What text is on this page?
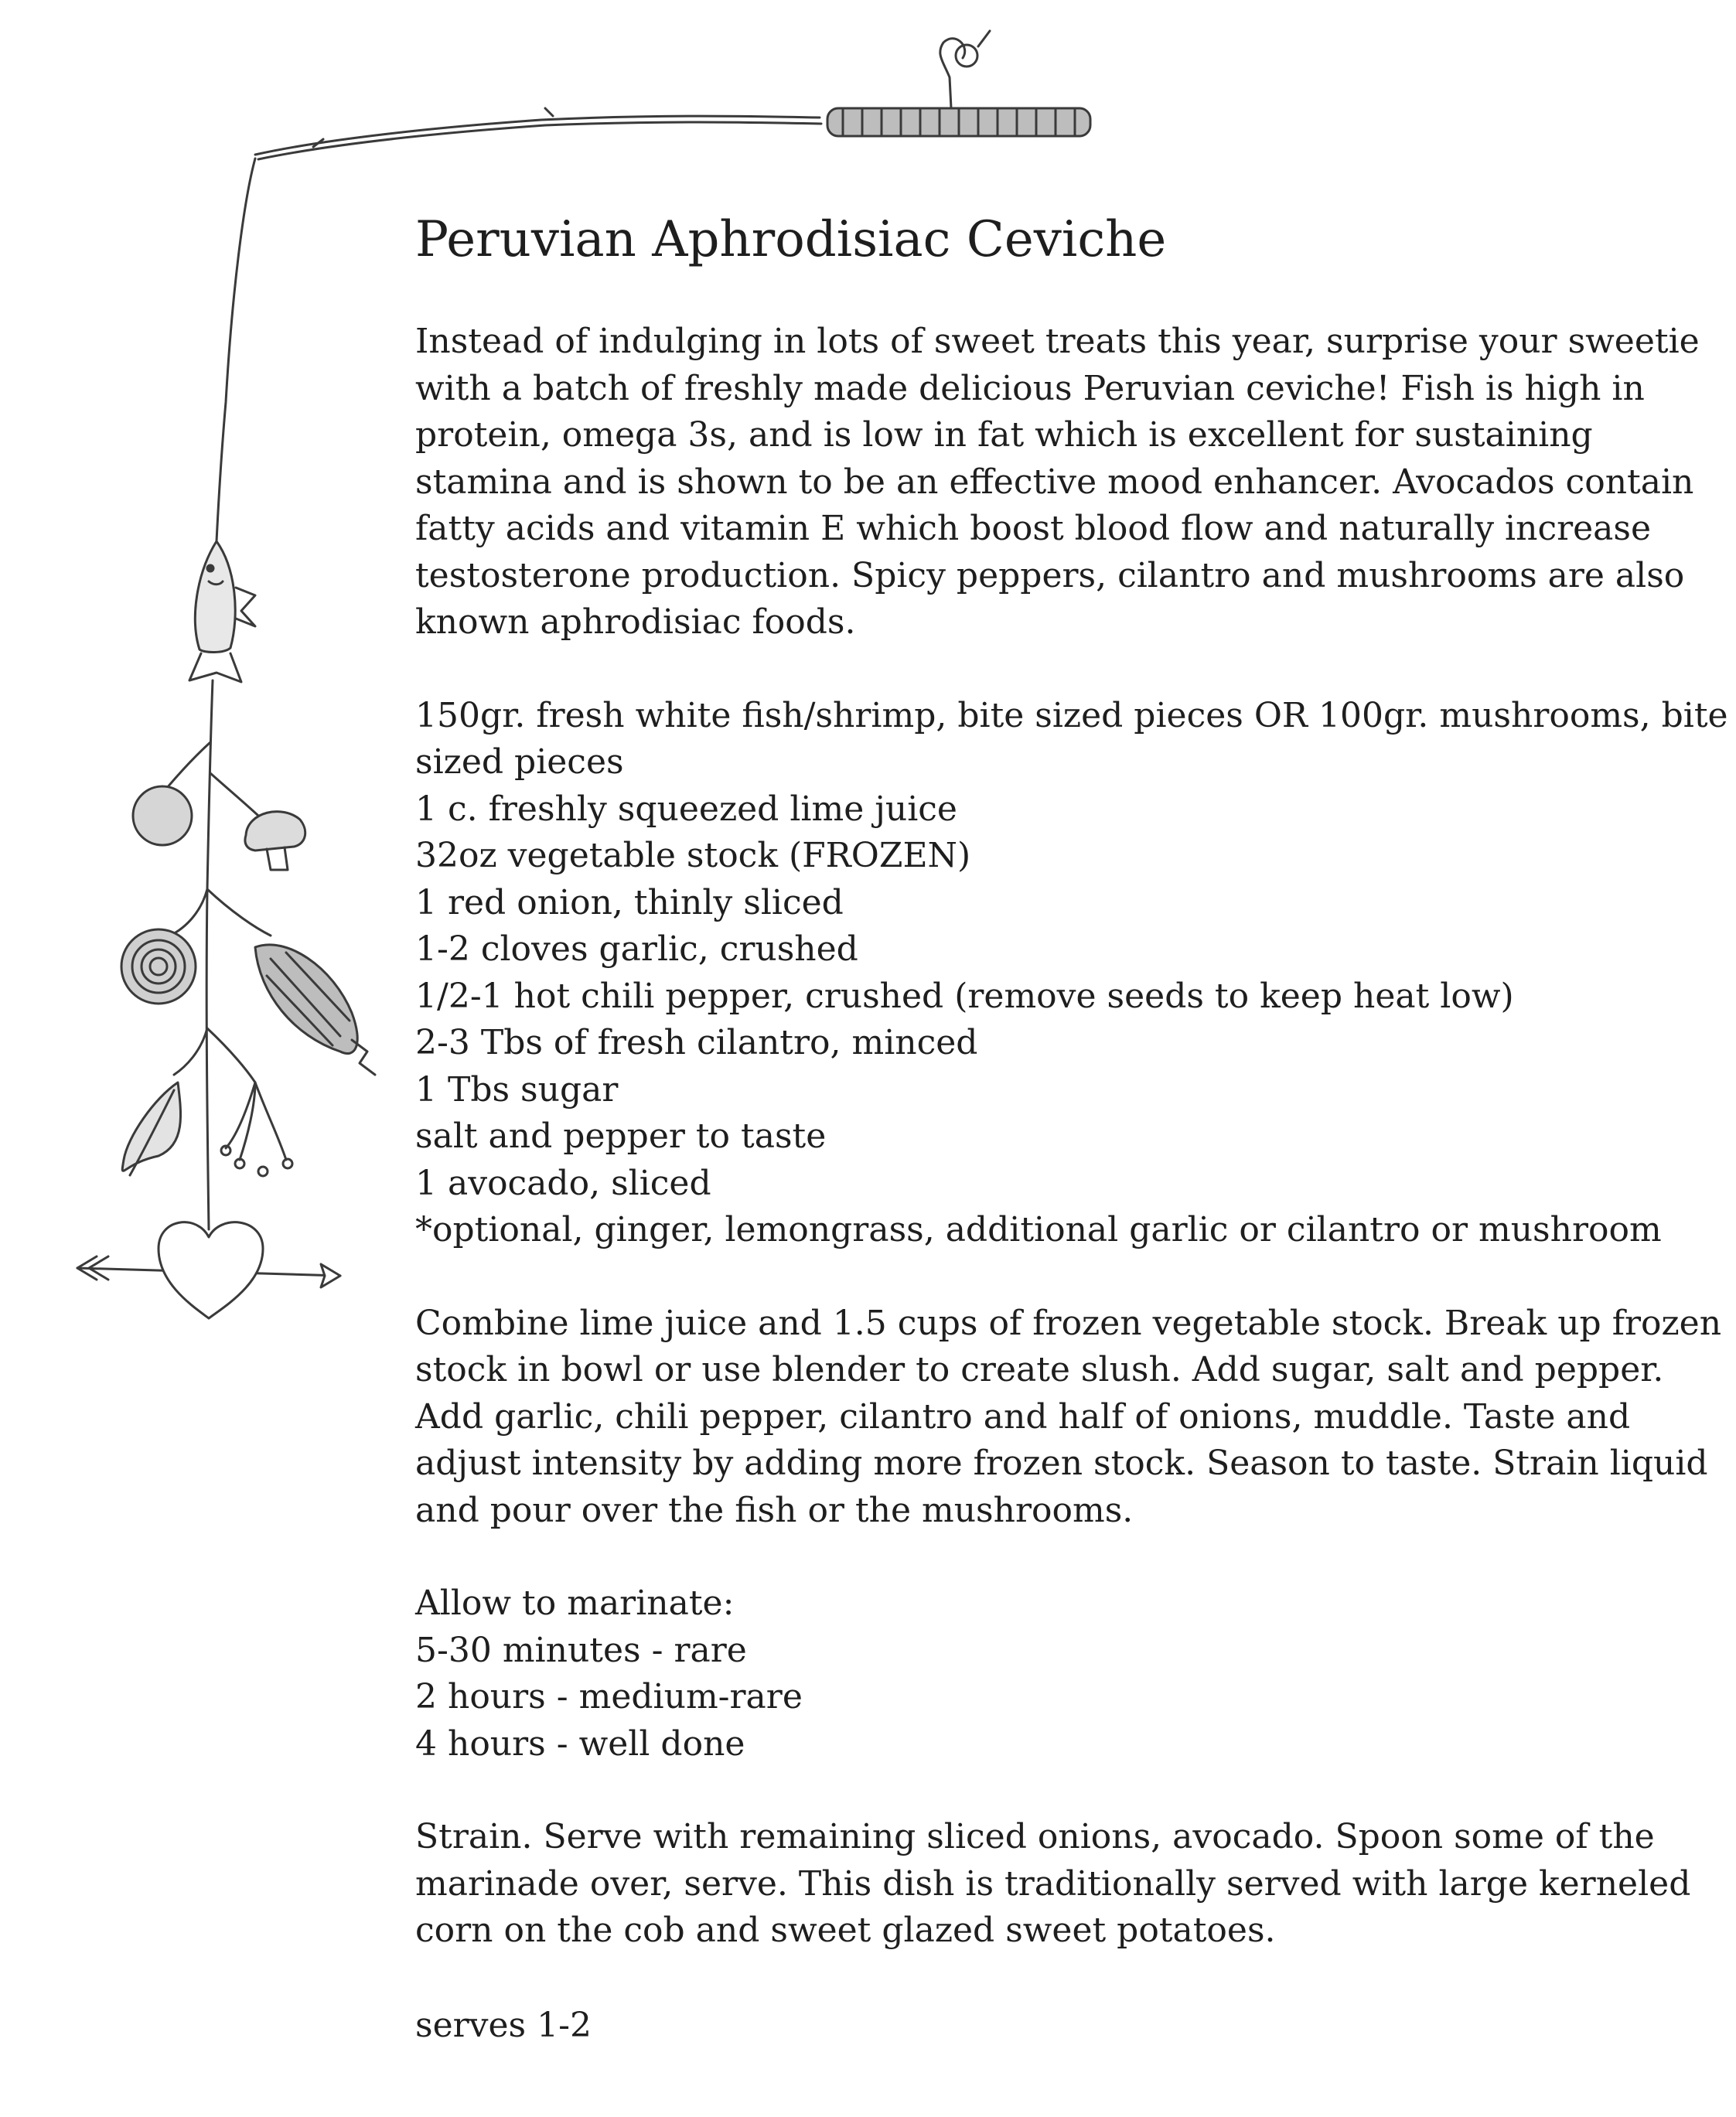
Peruvian Aphrodisiac Ceviche

Instead of indulging in lots of sweet treats this year, surprise your sweetie with a batch of freshly made delicious Peruvian ceviche! Fish is high in protein, omega 3s, and is low in fat which is excellent for sustaining stamina and is shown to be an effective mood enhancer. Avocados contain fatty acids and vitamin E which boost blood flow and naturally increase testosterone production. Spicy peppers, cilantro and mushrooms are also known aphrodisiac foods.

150gr. fresh white fish/shrimp, bite sized pieces OR 100gr. mushrooms, bite sized pieces
1 c. freshly squeezed lime juice
32oz vegetable stock (FROZEN)
1 red onion, thinly sliced
1-2 cloves garlic, crushed
1/2-1 hot chili pepper, crushed (remove seeds to keep heat low)
2-3 Tbs of fresh cilantro, minced
1 Tbs sugar
salt and pepper to taste
1 avocado, sliced
*optional, ginger, lemongrass, additional garlic or cilantro or mushroom

Combine lime juice and 1.5 cups of frozen vegetable stock. Break up frozen stock in bowl or use blender to create slush. Add sugar, salt and pepper. Add garlic, chili pepper, cilantro and half of onions, muddle. Taste and adjust intensity by adding more frozen stock. Season to taste. Strain liquid and pour over the fish or the mushrooms.

Allow to marinate:

5-30 minutes - rare
2 hours - medium-rare
4 hours - well done

Strain. Serve with remaining sliced onions, avocado. Spoon some of the marinade over, serve. This dish is traditionally served with large kerneled corn on the cob and sweet glazed sweet potatoes.

serves 1-2
